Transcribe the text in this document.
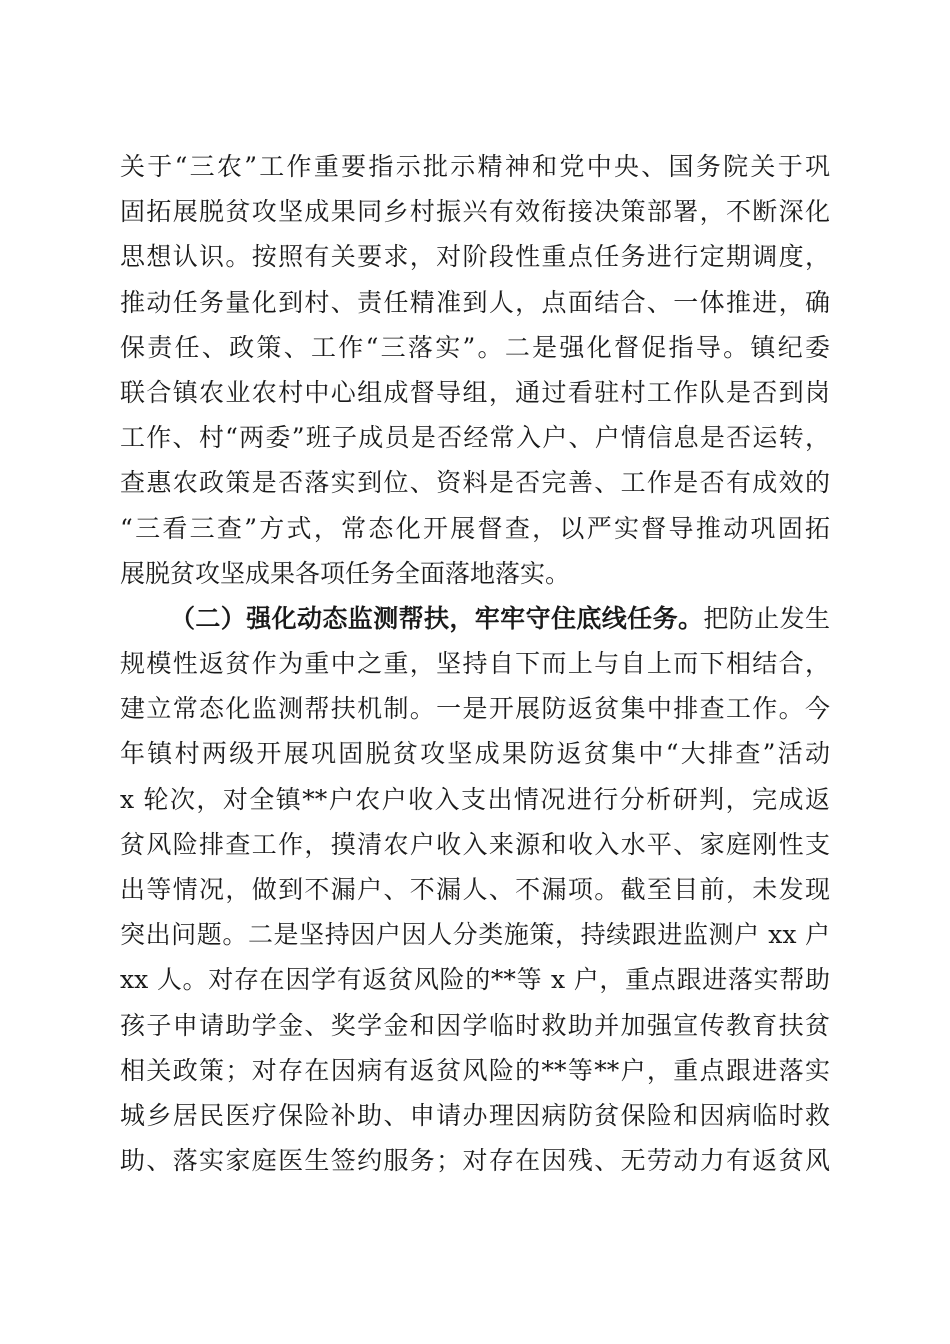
关于“三农”工作重要指示批示精神和党中央、国务院关于巩
固拓展脱贫攻坚成果同乡村振兴有效衔接决策部署，不断深化
思想认识。按照有关要求，对阶段性重点任务进行定期调度，
推动任务量化到村、责任精准到人，点面结合、一体推进，确
保责任、政策、工作“三落实”。二是强化督促指导。镇纪委
联合镇农业农村中心组成督导组，通过看驻村工作队是否到岗
工作、村“两委”班子成员是否经常入户、户情信息是否运转，
查惠农政策是否落实到位、资料是否完善、工作是否有成效的
“三看三查”方式，常态化开展督查，以严实督导推动巩固拓
展脱贫攻坚成果各项任务全面落地落实。
（二）强化动态监测帮扶，牢牢守住底线任务。把防止发生
规模性返贫作为重中之重，坚持自下而上与自上而下相结合，
建立常态化监测帮扶机制。一是开展防返贫集中排查工作。今
年镇村两级开展巩固脱贫攻坚成果防返贫集中“大排查”活动
x 轮次，对全镇**户农户收入支出情况进行分析研判，完成返
贫风险排查工作，摸清农户收入来源和收入水平、家庭刚性支
出等情况，做到不漏户、不漏人、不漏项。截至目前，未发现
突出问题。二是坚持因户因人分类施策，持续跟进监测户 xx 户
xx 人。对存在因学有返贫风险的**等 x 户，重点跟进落实帮助
孩子申请助学金、奖学金和因学临时救助并加强宣传教育扶贫
相关政策；对存在因病有返贫风险的**等**户，重点跟进落实
城乡居民医疗保险补助、申请办理因病防贫保险和因病临时救
助、落实家庭医生签约服务；对存在因残、无劳动力有返贫风
